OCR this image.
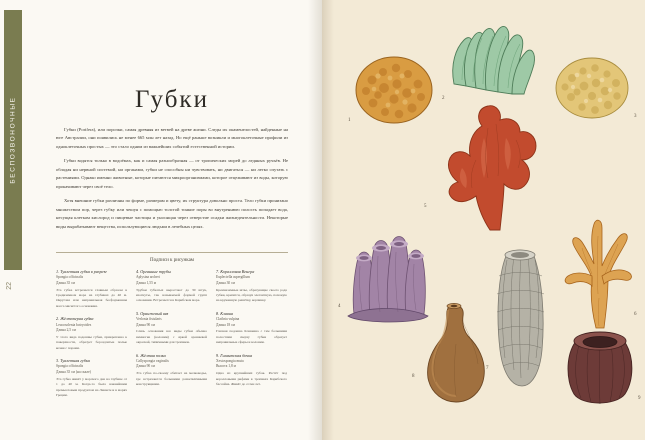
БЕСПОЗВОНОЧНЫЕ
22
Губки

Губки (Porifera), или пороэки, самая древняя из ветвей на древе жизни. Следы их окаменелостей, найденные на юге Австралии, они появились не менее 665 млн лет назад. Но ещё раньше возникли и многоклеточные профили из одноклеточных простых — это стало одним из важнейших событий естественной истории.

Губки водятся только в водоёмах, как и самая разнообразная — от тропических морей до ледяных ручьёв. Не обладая ни нервной системой, ни органами, губки не способны ни чувствовать, ни двигаться — ни легко спутать с растениями. Однако именно животные, которые питаются микроорганизмами, которое отцеживают из воды, которую прокачивают через своё тело.

Хотя внешние губки различны по форме, размерам и цвету, их структура довольно проста. Тело губки пронизано множеством пор, через губку или чешуя с помощью толстой тонкие поры во внутреннюю полость попадает вода, несущая клеткам кислород и пищевые частицы и уносящая через отверстие осадки жизнедеятельности. Некоторые виды вырабатывают вещества, использующиеся людьми в лечебных целях.

Подписи к рисункам
1. Туалетная губка в разрезе
Spongia officinalis
Длина 35 см
Эта губка встречается главным образом в Средиземном море на глубинах до 40 м. Округлая или неправильная бесформенная масса мясистого основания.
2. Жёлтоперая губка
Leucosolenia botryoides
Длина 2,5 см
У этого вида подошвы губки, прикреплена к поверхности, образует бороздчатые полые кочки с порами.
3. Туалетная губка
Spongia officinalis
Длина 35 см (на скале)
Эта губка живёт у морского дна на глубине от 1 до 40 м. Когда-то была важнейшим промысловым продуктом на Леванте и в морях Греции.
4. Органные трубы
Aplysina archeri
Длина 1,55 м
Трубки губчатых вырастают до 30 штук, изогнуты, так называемой формой групп основания. Встречается в Карибском море.
5. Оранжевый вяз
Verlonia fistularis
Длина 90 см
Слизь основания все виды губки обычно немногие (колонии) с яркой оранжевой окраской, типичными для тропиков.
6. Жёлтая полка
Callyspongia vaginalis
Длина 90 см
Эта губка по-своему обитает на мелководье, где встречаются большими разветвлёнными конструкциями.
7. Коралловая Венера
Euplectella aspergillum
Длина 30 см
Кремнеземные иглы, образующие своего рода губки, крепятся, образуя элегантную, похожую на кружевную решётку, корзинку.
8. Клавия
Clathria vulpina
Длина 18 см
Глазная подошва Клавиана с тем большими полостями сверху губки образует неправильные сферы и колонии.
9. Гигантская бочка
Xestospongia muta
Высота 1,8 м
Одна из крупнейших губок. Растёт под коралловыми рифами в тропиках Карибского бассейна. Живёт до сотен лет.
1
2
3
5
4
6
7
8
9
